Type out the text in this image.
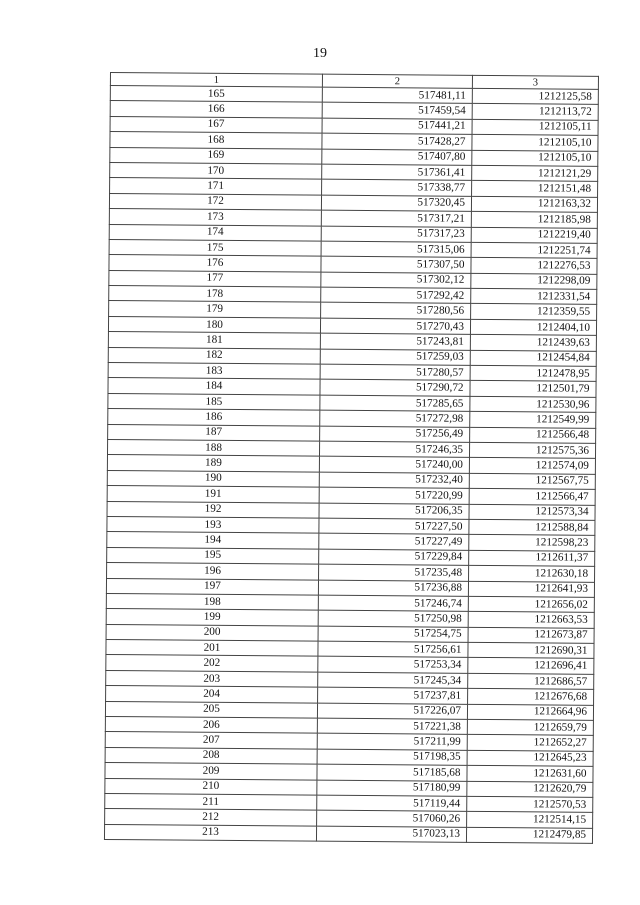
19
1	2	3
165	517481,11	1212125,58
166	517459,54	1212113,72
167	517441,21	1212105,11
168	517428,27	1212105,10
169	517407,80	1212105,10
170	517361,41	1212121,29
171	517338,77	1212151,48
172	517320,45	1212163,32
173	517317,21	1212185,98
174	517317,23	1212219,40
175	517315,06	1212251,74
176	517307,50	1212276,53
177	517302,12	1212298,09
178	517292,42	1212331,54
179	517280,56	1212359,55
180	517270,43	1212404,10
181	517243,81	1212439,63
182	517259,03	1212454,84
183	517280,57	1212478,95
184	517290,72	1212501,79
185	517285,65	1212530,96
186	517272,98	1212549,99
187	517256,49	1212566,48
188	517246,35	1212575,36
189	517240,00	1212574,09
190	517232,40	1212567,75
191	517220,99	1212566,47
192	517206,35	1212573,34
193	517227,50	1212588,84
194	517227,49	1212598,23
195	517229,84	1212611,37
196	517235,48	1212630,18
197	517236,88	1212641,93
198	517246,74	1212656,02
199	517250,98	1212663,53
200	517254,75	1212673,87
201	517256,61	1212690,31
202	517253,34	1212696,41
203	517245,34	1212686,57
204	517237,81	1212676,68
205	517226,07	1212664,96
206	517221,38	1212659,79
207	517211,99	1212652,27
208	517198,35	1212645,23
209	517185,68	1212631,60
210	517180,99	1212620,79
211	517119,44	1212570,53
212	517060,26	1212514,15
213	517023,13	1212479,85
